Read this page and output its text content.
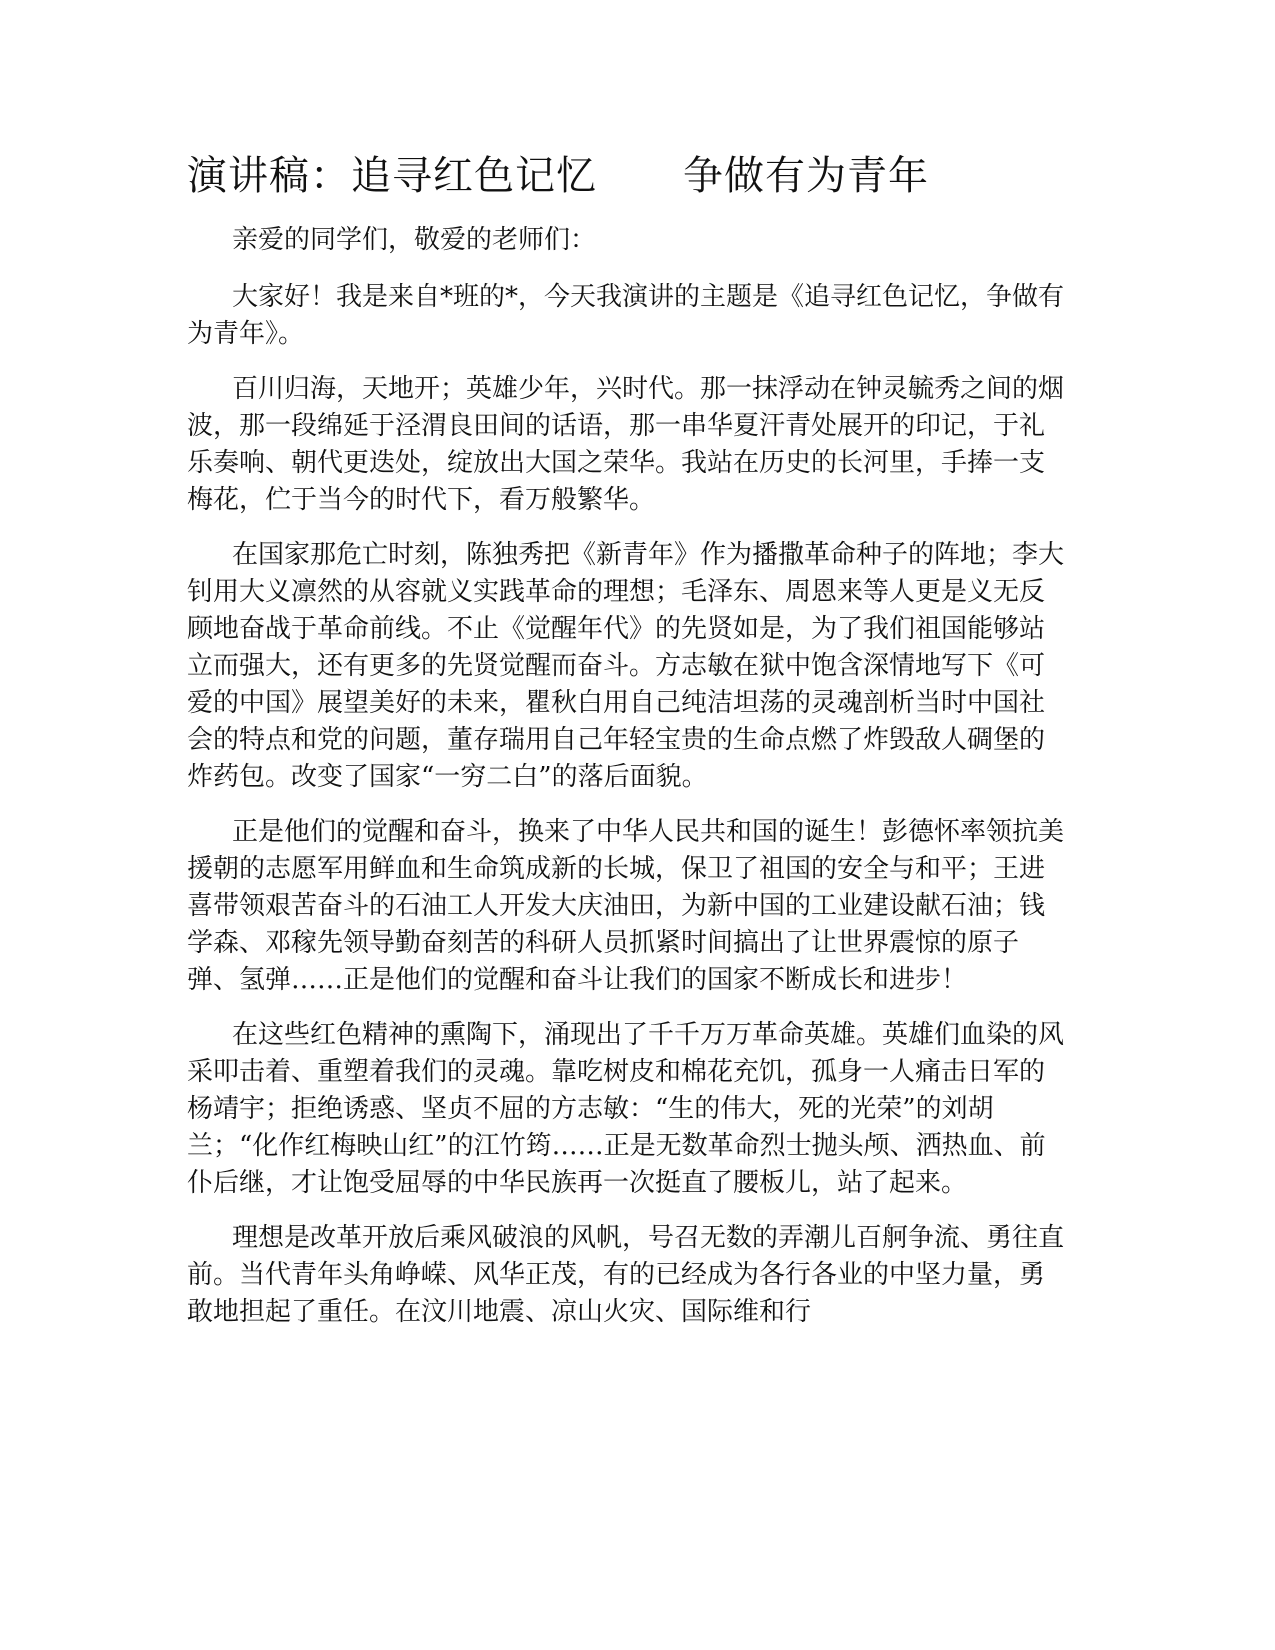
演讲稿：追寻红色记忆 争做有为青年

亲爱的同学们，敬爱的老师们：

大家好！我是来自*班的*，今天我演讲的主题是《追寻红色记忆，争做有为青年》。

百川归海，天地开；英雄少年，兴时代。那一抹浮动在钟灵毓秀之间的烟波，那一段绵延于泾渭良田间的话语，那一串华夏汗青处展开的印记，于礼乐奏响、朝代更迭处，绽放出大国之荣华。我站在历史的长河里，手捧一支梅花，伫于当今的时代下，看万般繁华。

在国家那危亡时刻，陈独秀把《新青年》作为播撒革命种子的阵地；李大钊用大义凛然的从容就义实践革命的理想；毛泽东、周恩来等人更是义无反顾地奋战于革命前线。不止《觉醒年代》的先贤如是，为了我们祖国能够站立而强大，还有更多的先贤觉醒而奋斗。方志敏在狱中饱含深情地写下《可爱的中国》展望美好的未来，瞿秋白用自己纯洁坦荡的灵魂剖析当时中国社会的特点和党的问题，董存瑞用自己年轻宝贵的生命点燃了炸毁敌人碉堡的炸药包。改变了国家“一穷二白”的落后面貌。

正是他们的觉醒和奋斗，换来了中华人民共和国的诞生！彭德怀率领抗美援朝的志愿军用鲜血和生命筑成新的长城，保卫了祖国的安全与和平；王进喜带领艰苦奋斗的石油工人开发大庆油田，为新中国的工业建设献石油；钱学森、邓稼先领导勤奋刻苦的科研人员抓紧时间搞出了让世界震惊的原子弹、氢弹……正是他们的觉醒和奋斗让我们的国家不断成长和进步！

在这些红色精神的熏陶下，涌现出了千千万万革命英雄。英雄们血染的风采叩击着、重塑着我们的灵魂。靠吃树皮和棉花充饥，孤身一人痛击日军的杨靖宇；拒绝诱惑、坚贞不屈的方志敏：“生的伟大，死的光荣”的刘胡兰；“化作红梅映山红”的江竹筠……正是无数革命烈士抛头颅、洒热血、前仆后继，才让饱受屈辱的中华民族再一次挺直了腰板儿，站了起来。

理想是改革开放后乘风破浪的风帆，号召无数的弄潮儿百舸争流、勇往直前。当代青年头角峥嵘、风华正茂，有的已经成为各行各业的中坚力量，勇敢地担起了重任。在汶川地震、凉山火灾、国际维和行
